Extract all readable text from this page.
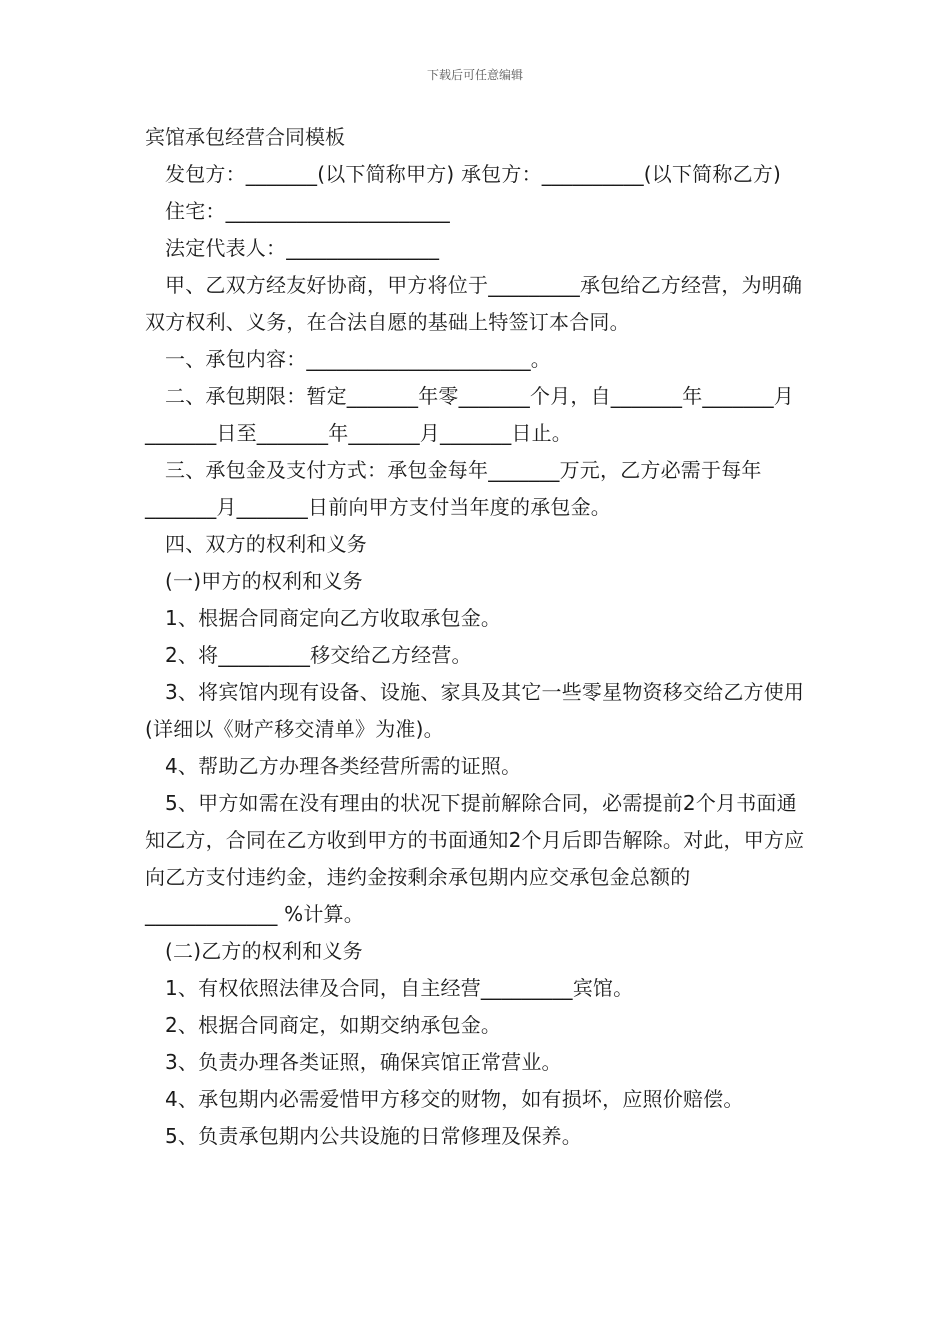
下载后可任意编辑

宾馆承包经营合同模板

发包方：_______(以下简称甲方) 承包方：__________(以下简称乙方)

住宅：______________________

法定代表人：_______________

甲、乙双方经友好协商，甲方将位于_________承包给乙方经营，为明确双方权利、义务，在合法自愿的基础上特签订本合同。

一、承包内容：______________________。

二、承包期限：暂定_______年零_______个月，自_______年_______月_______日至_______年_______月_______日止。

三、承包金及支付方式：承包金每年_______万元，乙方必需于每年_______月_______日前向甲方支付当年度的承包金。

四、双方的权利和义务

(一)甲方的权利和义务

1、根据合同商定向乙方收取承包金。

2、将_________移交给乙方经营。

3、将宾馆内现有设备、设施、家具及其它一些零星物资移交给乙方使用(详细以《财产移交清单》为准)。

4、帮助乙方办理各类经营所需的证照。

5、甲方如需在没有理由的状况下提前解除合同，必需提前2个月书面通知乙方，合同在乙方收到甲方的书面通知2个月后即告解除。对此，甲方应向乙方支付违约金，违约金按剩余承包期内应交承包金总额的_____________ %计算。

(二)乙方的权利和义务

1、有权依照法律及合同，自主经营_________宾馆。

2、根据合同商定，如期交纳承包金。

3、负责办理各类证照，确保宾馆正常营业。

4、承包期内必需爱惜甲方移交的财物，如有损坏，应照价赔偿。

5、负责承包期内公共设施的日常修理及保养。
